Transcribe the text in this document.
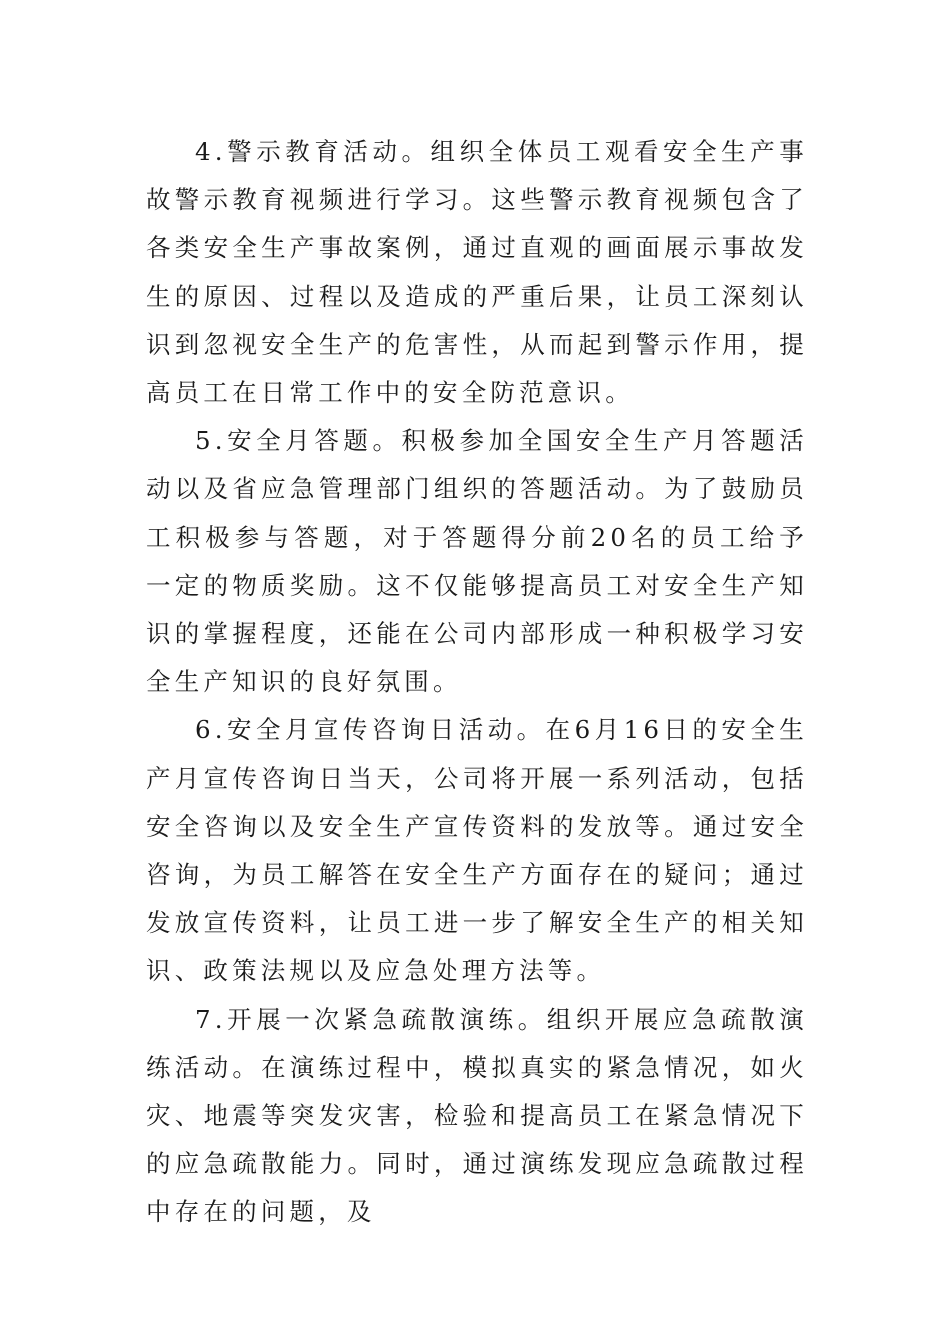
4.警示教育活动。组织全体员工观看安全生产事故警示教育视频进行学习。这些警示教育视频包含了各类安全生产事故案例，通过直观的画面展示事故发生的原因、过程以及造成的严重后果，让员工深刻认识到忽视安全生产的危害性，从而起到警示作用，提高员工在日常工作中的安全防范意识。

5.安全月答题。积极参加全国安全生产月答题活动以及省应急管理部门组织的答题活动。为了鼓励员工积极参与答题，对于答题得分前20名的员工给予一定的物质奖励。这不仅能够提高员工对安全生产知识的掌握程度，还能在公司内部形成一种积极学习安全生产知识的良好氛围。

6.安全月宣传咨询日活动。在6月16日的安全生产月宣传咨询日当天，公司将开展一系列活动，包括安全咨询以及安全生产宣传资料的发放等。通过安全咨询，为员工解答在安全生产方面存在的疑问；通过发放宣传资料，让员工进一步了解安全生产的相关知识、政策法规以及应急处理方法等。

7.开展一次紧急疏散演练。组织开展应急疏散演练活动。在演练过程中，模拟真实的紧急情况，如火灾、地震等突发灾害，检验和提高员工在紧急情况下的应急疏散能力。同时，通过演练发现应急疏散过程中存在的问题，及
